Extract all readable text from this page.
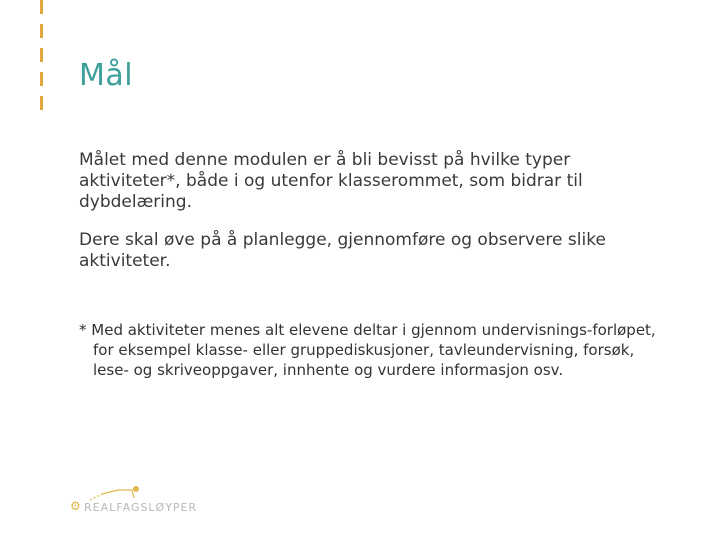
Mål

Målet med denne modulen er å bli bevisst på hvilke typer aktiviteter*, både i og utenfor klasserommet, som bidrar til dybdelæring.

Dere skal øve på å planlegge, gjennomføre og observere slike aktiviteter.

* Med aktiviteter menes alt elevene deltar i gjennom undervisnings-forløpet, for eksempel klasse- eller gruppediskusjoner, tavleundervisning, forsøk, lese- og skriveoppgaver, innhente og vurdere informasjon osv.

⚙ REALFAGSLØYPER
